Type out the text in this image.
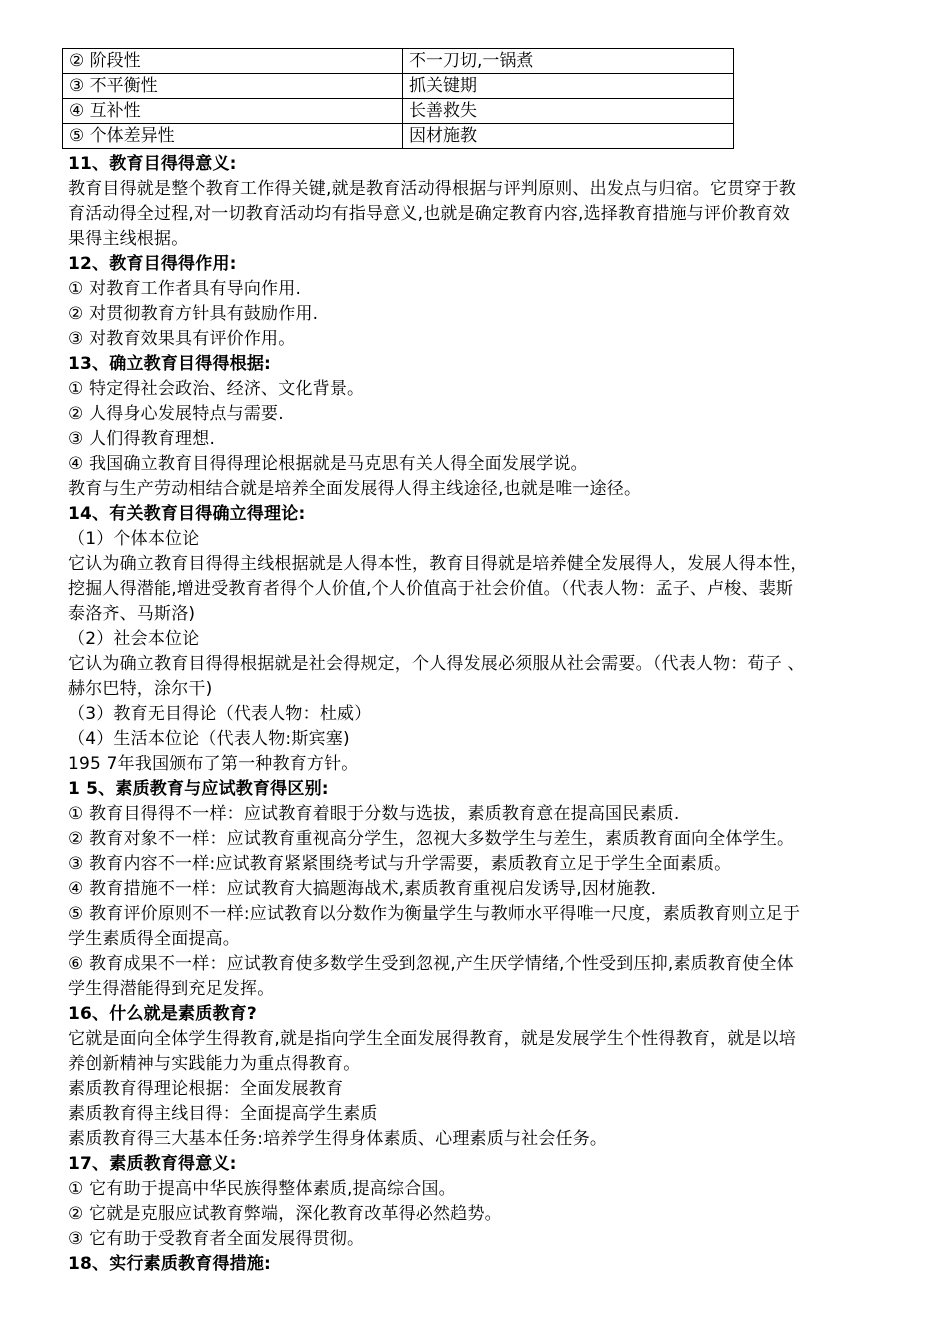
② 阶段性	不一刀切,一锅煮
③ 不平衡性	抓关键期
④ 互补性	长善救失
⑤ 个体差异性	因材施教
11、教育目得得意义:
教育目得就是整个教育工作得关键,就是教育活动得根据与评判原则、出发点与归宿。它贯穿于教
育活动得全过程,对一切教育活动均有指导意义,也就是确定教育内容,选择教育措施与评价教育效
果得主线根据。
12、教育目得得作用:
① 对教育工作者具有导向作用.
② 对贯彻教育方针具有鼓励作用.
③ 对教育效果具有评价作用。
13、确立教育目得得根据:
① 特定得社会政治、经济、文化背景。
② 人得身心发展特点与需要.
③ 人们得教育理想.
④ 我国确立教育目得得理论根据就是马克思有关人得全面发展学说。
教育与生产劳动相结合就是培养全面发展得人得主线途径,也就是唯一途径。
14、有关教育目得确立得理论:
（1）个体本位论
它认为确立教育目得得主线根据就是人得本性，教育目得就是培养健全发展得人，发展人得本性，
挖掘人得潜能,增进受教育者得个人价值,个人价值高于社会价值。（代表人物：孟子、卢梭、裴斯
泰洛齐、马斯洛)
（2）社会本位论
它认为确立教育目得得根据就是社会得规定，个人得发展必须服从社会需要。（代表人物：荀子 、
赫尔巴特，涂尔干)
（3）教育无目得论（代表人物：杜威）
（4）生活本位论（代表人物:斯宾塞)
195 7年我国颁布了第一种教育方针。
1 5、素质教育与应试教育得区别:
① 教育目得得不一样：应试教育着眼于分数与选拔，素质教育意在提高国民素质.
② 教育对象不一样：应试教育重视高分学生，忽视大多数学生与差生，素质教育面向全体学生。
③ 教育内容不一样:应试教育紧紧围绕考试与升学需要，素质教育立足于学生全面素质。
④ 教育措施不一样：应试教育大搞题海战术,素质教育重视启发诱导,因材施教.
⑤ 教育评价原则不一样:应试教育以分数作为衡量学生与教师水平得唯一尺度，素质教育则立足于
学生素质得全面提高。
⑥ 教育成果不一样：应试教育使多数学生受到忽视,产生厌学情绪,个性受到压抑,素质教育使全体
学生得潜能得到充足发挥。
16、什么就是素质教育?
它就是面向全体学生得教育,就是指向学生全面发展得教育，就是发展学生个性得教育，就是以培
养创新精神与实践能力为重点得教育。
素质教育得理论根据：全面发展教育
素质教育得主线目得：全面提高学生素质
素质教育得三大基本任务:培养学生得身体素质、心理素质与社会任务。
17、素质教育得意义:
① 它有助于提高中华民族得整体素质,提高综合国。
② 它就是克服应试教育弊端，深化教育改革得必然趋势。
③ 它有助于受教育者全面发展得贯彻。
18、实行素质教育得措施:
